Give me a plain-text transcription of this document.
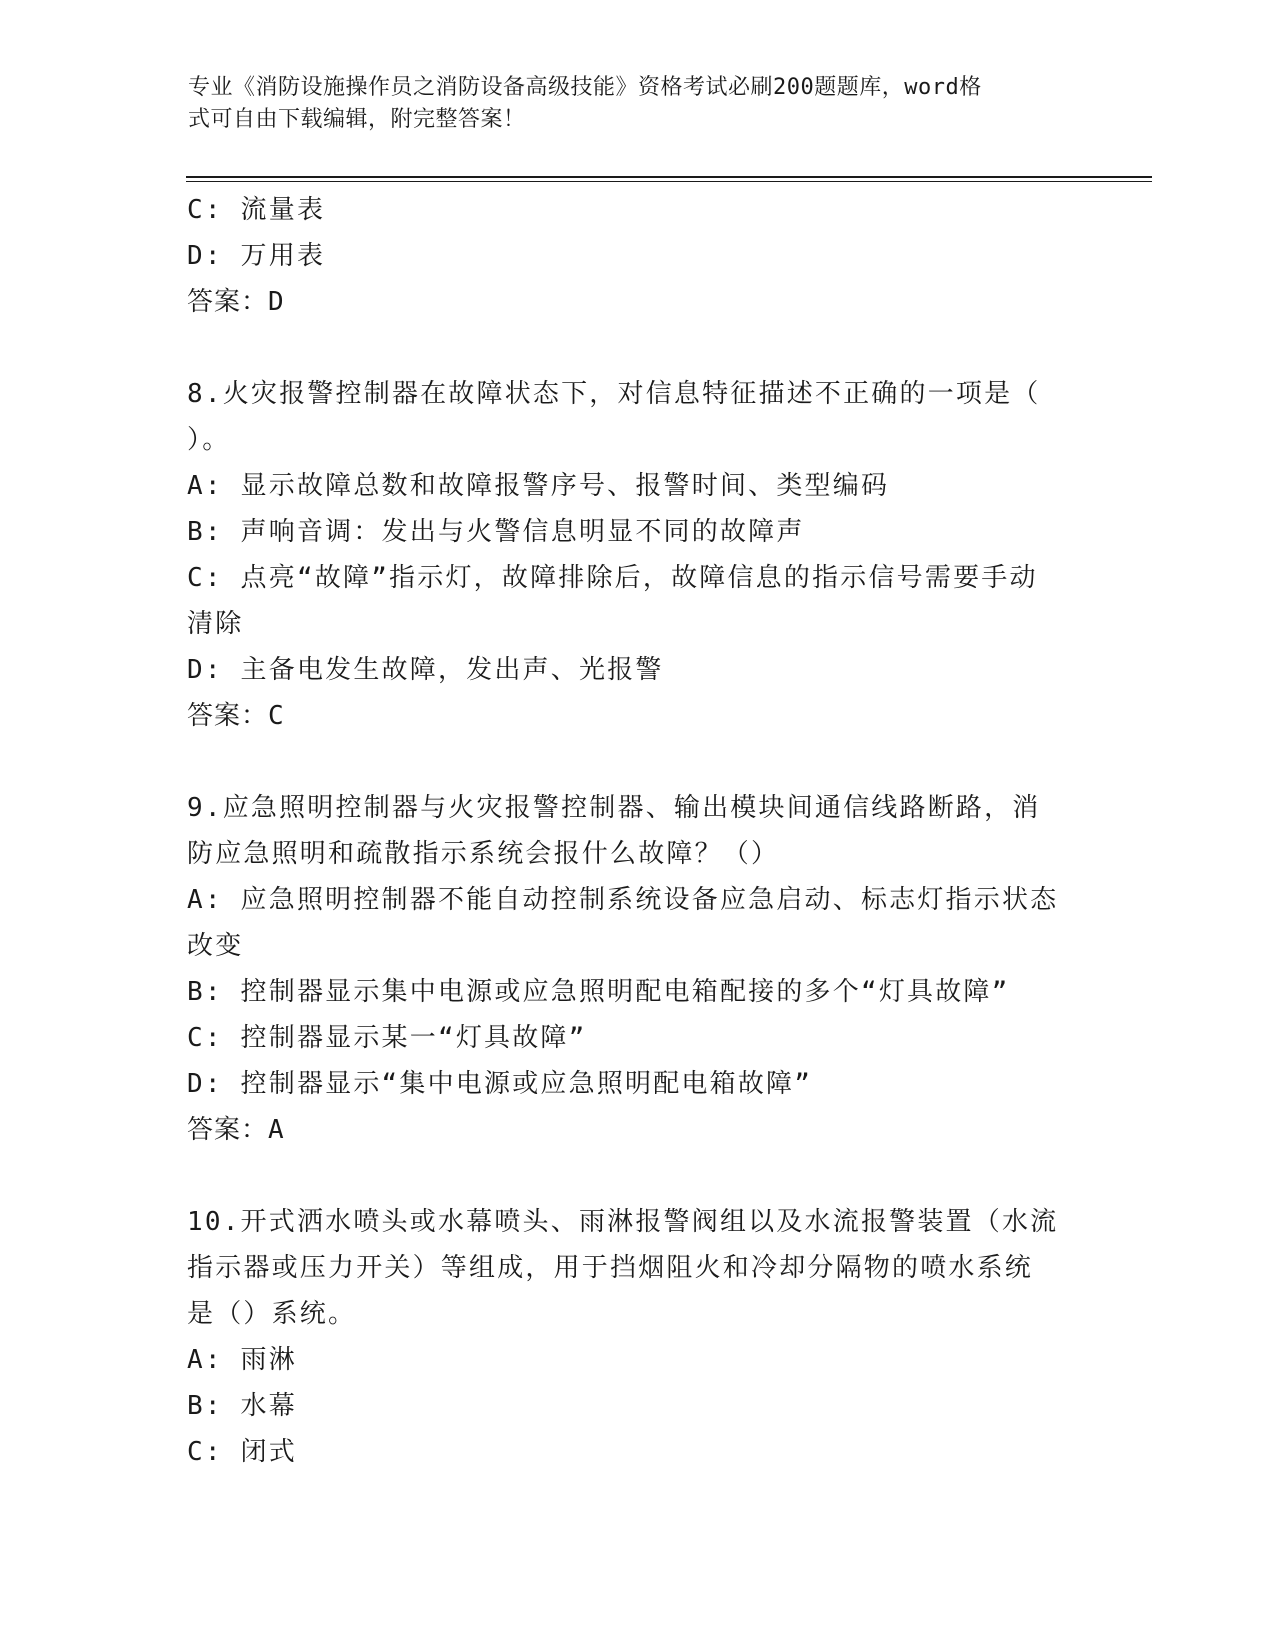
专业《消防设施操作员之消防设备高级技能》资格考试必刷200题题库，word格
式可自由下载编辑，附完整答案！
C: 流量表
D: 万用表
答案：D
8.火灾报警控制器在故障状态下，对信息特征描述不正确的一项是（
）。
A: 显示故障总数和故障报警序号、报警时间、类型编码
B: 声响音调：发出与火警信息明显不同的故障声
C: 点亮“故障”指示灯，故障排除后，故障信息的指示信号需要手动
清除
D: 主备电发生故障，发出声、光报警
答案：C
9.应急照明控制器与火灾报警控制器、输出模块间通信线路断路，消
防应急照明和疏散指示系统会报什么故障？（）
A: 应急照明控制器不能自动控制系统设备应急启动、标志灯指示状态
改变
B: 控制器显示集中电源或应急照明配电箱配接的多个“灯具故障”
C: 控制器显示某一“灯具故障”
D: 控制器显示“集中电源或应急照明配电箱故障”
答案：A
10.开式洒水喷头或水幕喷头、雨淋报警阀组以及水流报警装置（水流
指示器或压力开关）等组成，用于挡烟阻火和冷却分隔物的喷水系统
是（）系统。
A: 雨淋
B: 水幕
C: 闭式
